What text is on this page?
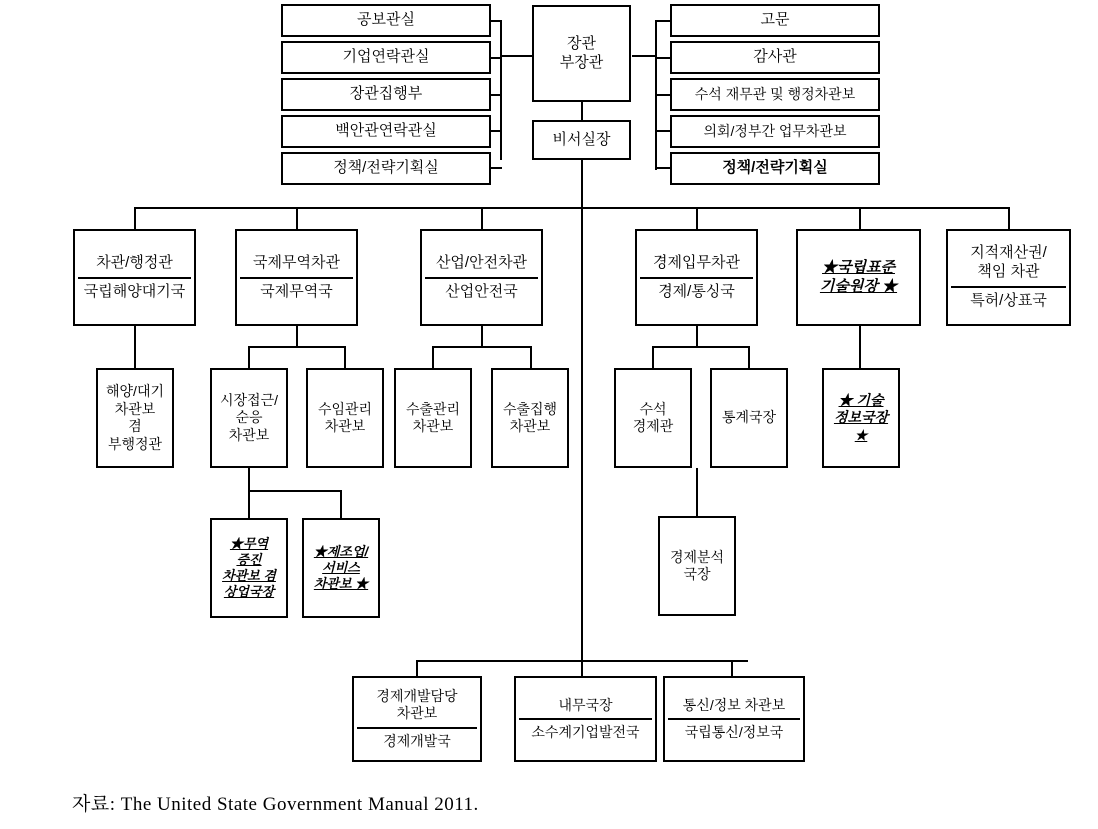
장관
부장관
비서실장
공보관실
기업연락관실
장관집행부
백안관연락관실
정책/전략기획실
고문
감사관
수석 재무관 및 행정차관보
의회/정부간 업무차관보
정책/전략기획실
차관/행정관
국립해양대기국
국제무역차관
국제무역국
산업/안전차관
산업안전국
경제입무차관
경제/통싱국
★국립표준
기술원장 ★
지적재산권/
책임 차관
특허/상표국
해양/대기
차관보
겸
부행정관
시장접근/
순응
차관보
수임관리
차관보
수출관리
차관보
수출집행
차관보
수석
경제관
통계국장
★ 기술
정보국장
★
★무역
증진
차관보 겸
상업국장
★제조업/
서비스
차관보 ★
경제분석
국장
경제개발담당
차관보
경제개발국
내무국장
소수계기업발전국
통신/정보 차관보
국립통신/정보국
자료: The United State Government Manual 2011.
